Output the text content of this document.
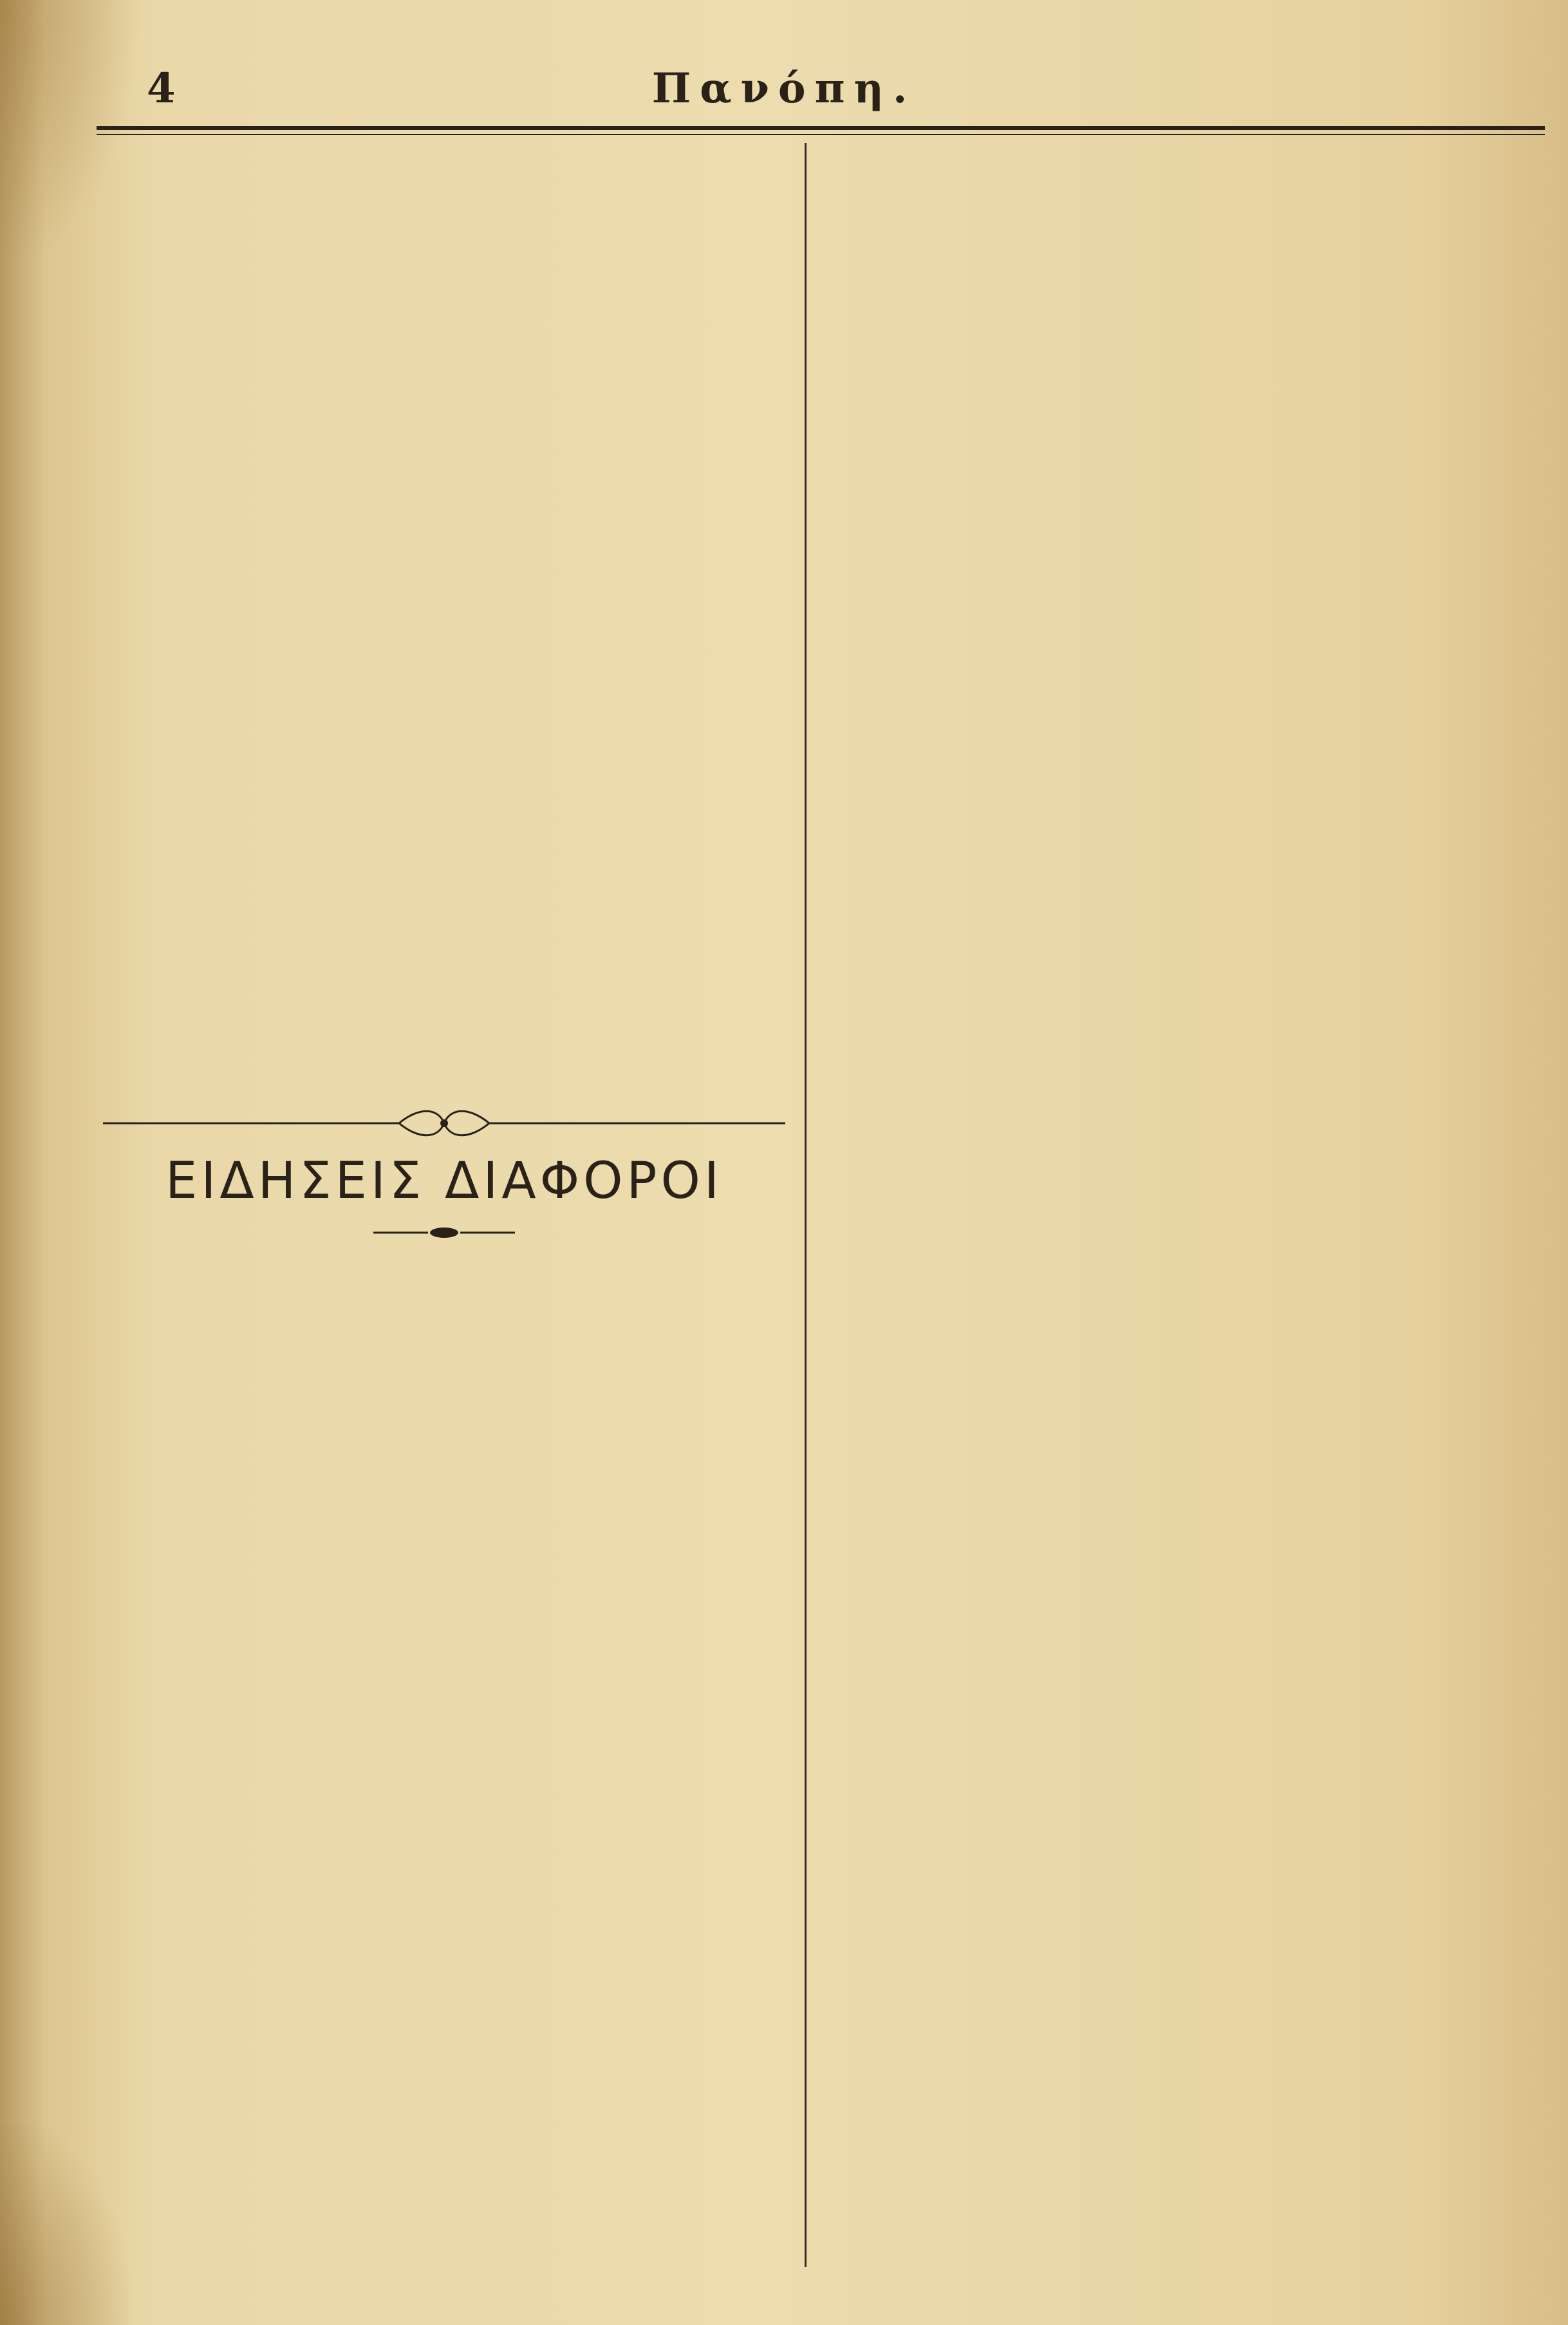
4	Πανόπη.

ΕΙΔΗΣΕΙΣ ΔΙΑΦΟΡΟΙ
